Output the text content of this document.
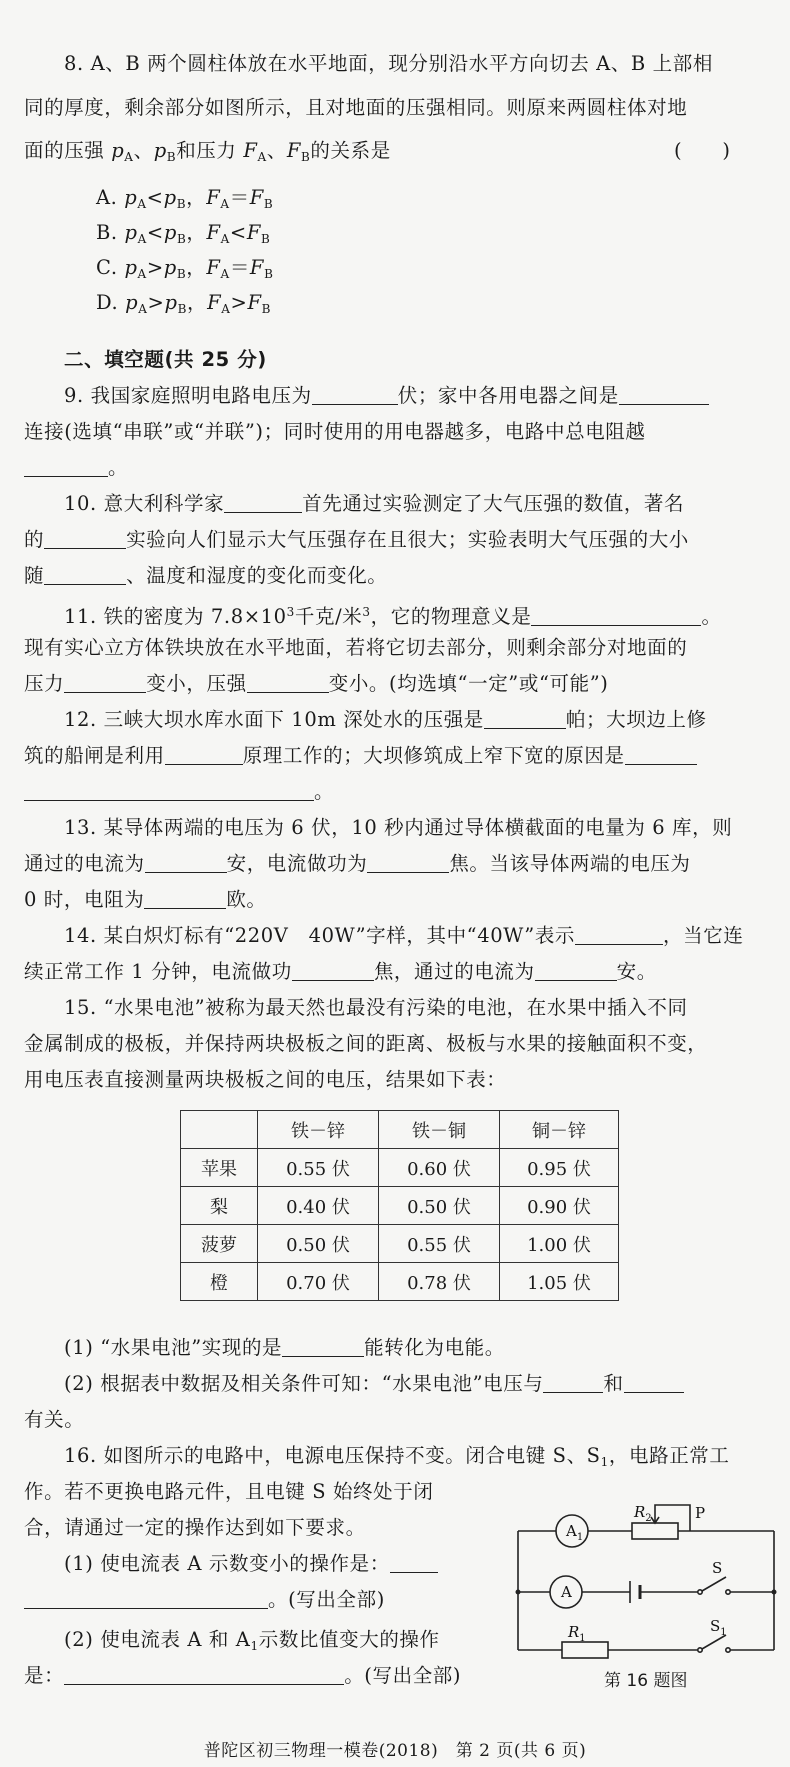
8. A、B 两个圆柱体放在水平地面，现分别沿水平方向切去 A、B 上部相
同的厚度，剩余部分如图所示，且对地面的压强相同。则原来两圆柱体对地
面的压强 $p_A$、$p_B$和压力 $F_A$、$F_B$的关系是	(　　)
A. $p_A<p_B$，$F_A=F_B$
B. $p_A<p_B$，$F_A<F_B$
C. $p_A>p_B$，$F_A=F_B$
D. $p_A>p_B$，$F_A>F_B$
二、填空题(共 25 分)
9. 我国家庭照明电路电压为	伏；家中各用电器之间是
连接(选填“串联”或“并联”)；同时使用的用电器越多，电路中总电阻越
。
10. 意大利科学家	首先通过实验测定了大气压强的数值，著名
的	实验向人们显示大气压强存在且很大；实验表明大气压强的大小
随	、温度和湿度的变化而变化。
11. 铁的密度为 $7.8\times 10^3$千克/米$^3$，它的物理意义是	。
现有实心立方体铁块放在水平地面，若将它切去部分，则剩余部分对地面的
压力	变小，压强	变小。(均选填“一定”或“可能”)
12. 三峡大坝水库水面下 10m 深处水的压强是	帕；大坝边上修
筑的船闸是利用	原理工作的；大坝修筑成上窄下宽的原因是
。
13. 某导体两端的电压为 6 伏，10 秒内通过导体横截面的电量为 6 库，则
通过的电流为	安，电流做功为	焦。当该导体两端的电压为
0 时，电阻为	欧。
14. 某白炽灯标有“220V　40W”字样，其中“40W”表示	，当它连
续正常工作 1 分钟，电流做功	焦，通过的电流为	安。
15. “水果电池”被称为最天然也最没有污染的电池，在水果中插入不同
金属制成的极板，并保持两块极板之间的距离、极板与水果的接触面积不变，
用电压表直接测量两块极板之间的电压，结果如下表：
	铁－锌	铁－铜	铜－锌
苹果	0.55 伏	0.60 伏	0.95 伏
梨	0.40 伏	0.50 伏	0.90 伏
菠萝	0.50 伏	0.55 伏	1.00 伏
橙	0.70 伏	0.78 伏	1.05 伏
(1) “水果电池”实现的是	能转化为电能。
(2) 根据表中数据及相关条件可知：“水果电池”电压与	和
有关。
16. 如图所示的电路中，电源电压保持不变。闭合电键 S、$S_1$，电路正常工
作。若不更换电路元件，且电键 S 始终处于闭
合，请通过一定的操作达到如下要求。
(1) 使电流表 A 示数变小的操作是：
。(写出全部)
(2) 使电流表 A 和 $A_1$示数比值变大的操作
是：	。(写出全部)
$A_1$
A
$R_2$	P
S
$R_1$
$S_1$
第 16 题图
普陀区初三物理一模卷(2018)　第 2 页(共 6 页)
